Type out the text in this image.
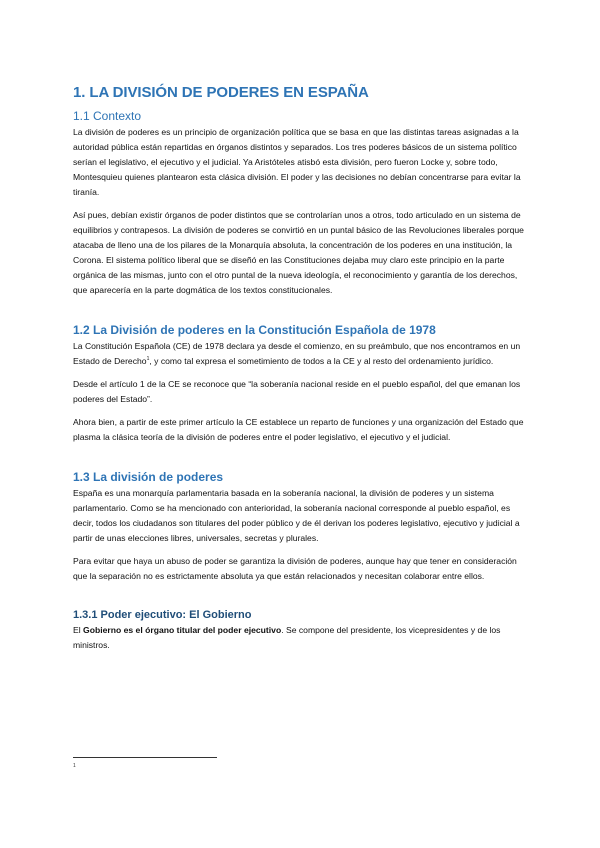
1. LA DIVISIÓN DE PODERES EN ESPAÑA
1.1 Contexto

La división de poderes es un principio de organización política que se basa en que las distintas tareas asignadas a la autoridad pública están repartidas en órganos distintos y separados. Los tres poderes básicos de un sistema político serían el legislativo, el ejecutivo y el judicial. Ya Aristóteles atisbó esta división, pero fueron Locke y, sobre todo, Montesquieu quienes plantearon esta clásica división. El poder y las decisiones no debían concentrarse para evitar la tiranía.

Así pues, debían existir órganos de poder distintos que se controlarían unos a otros, todo articulado en un sistema de equilibrios y contrapesos. La división de poderes se convirtió en un puntal básico de las Revoluciones liberales porque atacaba de lleno una de los pilares de la Monarquía absoluta, la concentración de los poderes en una institución, la Corona. El sistema político liberal que se diseñó en las Constituciones dejaba muy claro este principio en la parte orgánica de las mismas, junto con el otro puntal de la nueva ideología, el reconocimiento y garantía de los derechos, que aparecería en la parte dogmática de los textos constitucionales.

1.2 La División de poderes en la Constitución Española de 1978

La Constitución Española (CE) de 1978 declara ya desde el comienzo, en su preámbulo, que nos encontramos en un Estado de Derecho$^1$, y como tal expresa el sometimiento de todos a la CE y al resto del ordenamiento jurídico.

Desde el artículo 1 de la CE se reconoce que “la soberanía nacional reside en el pueblo español, del que emanan los poderes del Estado”.

Ahora bien, a partir de este primer artículo la CE establece un reparto de funciones y una organización del Estado que plasma la clásica teoría de la división de poderes entre el poder legislativo, el ejecutivo y el judicial.

1.3 La división de poderes

España es una monarquía parlamentaria basada en la soberanía nacional, la división de poderes y un sistema parlamentario. Como se ha mencionado con anterioridad, la soberanía nacional corresponde al pueblo español, es decir, todos los ciudadanos son titulares del poder público y de él derivan los poderes legislativo, ejecutivo y judicial a partir de unas elecciones libres, universales, secretas y plurales.

Para evitar que haya un abuso de poder se garantiza la división de poderes, aunque hay que tener en consideración que la separación no es estrictamente absoluta ya que están relacionados y necesitan colaborar entre ellos.

1.3.1 Poder ejecutivo: El Gobierno

El Gobierno es el órgano titular del poder ejecutivo. Se compone del presidente, los vicepresidentes y de los ministros.

1
